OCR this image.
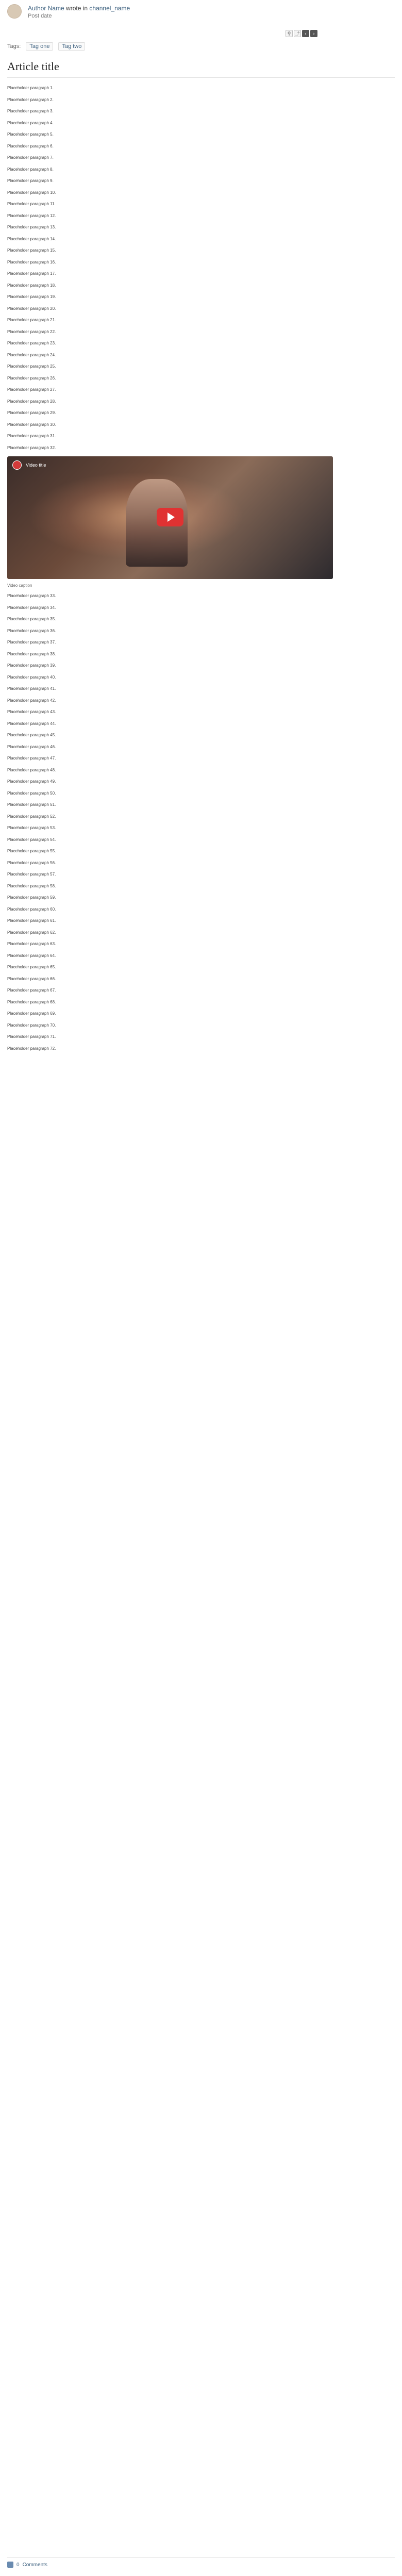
Author Name wrote in channel_name
Post date
⚲ ⤴	‹	›
Tags:	Tag one	Tag two
Article title

Placeholder paragraph 1.

Placeholder paragraph 2.

Placeholder paragraph 3.

Placeholder paragraph 4.

Placeholder paragraph 5.

Placeholder paragraph 6.

Placeholder paragraph 7.

Placeholder paragraph 8.

Placeholder paragraph 9.

Placeholder paragraph 10.

Placeholder paragraph 11.

Placeholder paragraph 12.

Placeholder paragraph 13.

Placeholder paragraph 14.

Placeholder paragraph 15.

Placeholder paragraph 16.

Placeholder paragraph 17.

Placeholder paragraph 18.

Placeholder paragraph 19.

Placeholder paragraph 20.

Placeholder paragraph 21.

Placeholder paragraph 22.

Placeholder paragraph 23.

Placeholder paragraph 24.

Placeholder paragraph 25.

Placeholder paragraph 26.

Placeholder paragraph 27.

Placeholder paragraph 28.

Placeholder paragraph 29.

Placeholder paragraph 30.

Placeholder paragraph 31.

Placeholder paragraph 32.

Video title
Video caption

Placeholder paragraph 33.

Placeholder paragraph 34.

Placeholder paragraph 35.

Placeholder paragraph 36.

Placeholder paragraph 37.

Placeholder paragraph 38.

Placeholder paragraph 39.

Placeholder paragraph 40.

Placeholder paragraph 41.

Placeholder paragraph 42.

Placeholder paragraph 43.

Placeholder paragraph 44.

Placeholder paragraph 45.

Placeholder paragraph 46.

Placeholder paragraph 47.

Placeholder paragraph 48.

Placeholder paragraph 49.

Placeholder paragraph 50.

Placeholder paragraph 51.

Placeholder paragraph 52.

Placeholder paragraph 53.

Placeholder paragraph 54.

Placeholder paragraph 55.

Placeholder paragraph 56.

Placeholder paragraph 57.

Placeholder paragraph 58.

Placeholder paragraph 59.

Placeholder paragraph 60.

Placeholder paragraph 61.

Placeholder paragraph 62.

Placeholder paragraph 63.

Placeholder paragraph 64.

Placeholder paragraph 65.

Placeholder paragraph 66.

Placeholder paragraph 67.

Placeholder paragraph 68.

Placeholder paragraph 69.

Placeholder paragraph 70.

Placeholder paragraph 71.

Placeholder paragraph 72.

0 Comments
